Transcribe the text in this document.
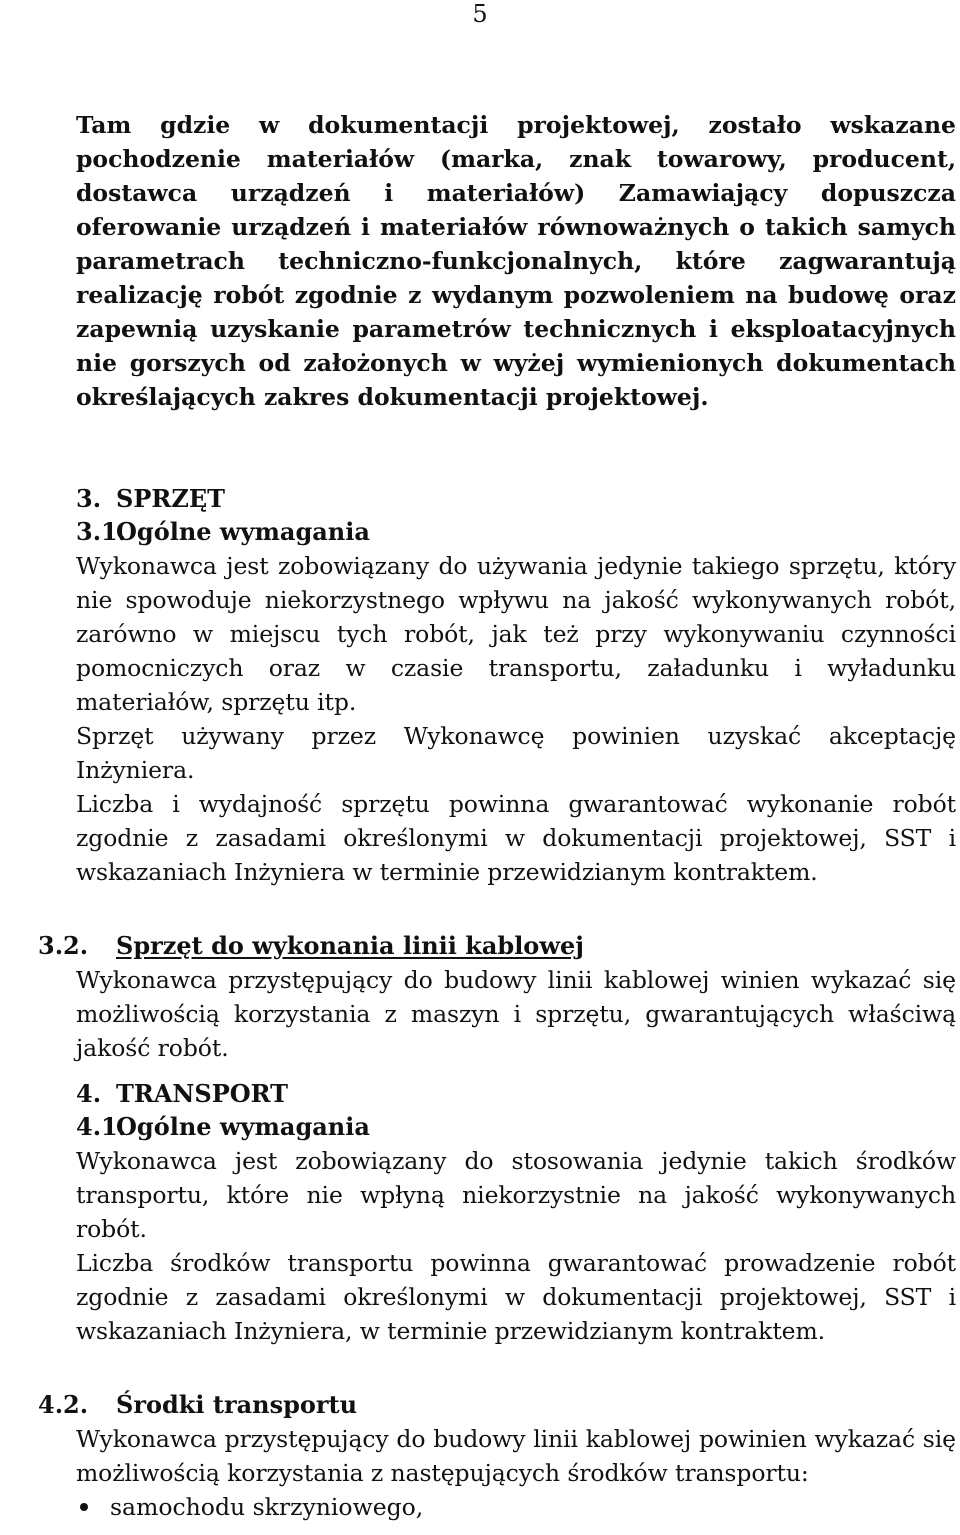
5

Tam gdzie w dokumentacji projektowej, zostało wskazane pochodzenie materiałów (marka, znak towarowy, producent, dostawca urządzeń i materiałów) Zamawiający dopuszcza oferowanie urządzeń i materiałów równoważnych o takich samych parametrach techniczno-funkcjonalnych, które zagwarantują realizację robót zgodnie z wydanym pozwoleniem na budowę oraz zapewnią uzyskanie parametrów technicznych i eksploatacyjnych nie gorszych od założonych w wyżej wymienionych dokumentach określających zakres dokumentacji projektowej.

3. SPRZĘT
3.1.Ogólne wymagania

Wykonawca jest zobowiązany do używania jedynie takiego sprzętu, który nie spowoduje niekorzystnego wpływu na jakość wykonywanych robót, zarówno w miejscu tych robót, jak też przy wykonywaniu czynności pomocniczych oraz w czasie transportu, załadunku i wyładunku materiałów, sprzętu itp.

Sprzęt używany przez Wykonawcę powinien uzyskać akceptację Inżyniera.

Liczba i wydajność sprzętu powinna gwarantować wykonanie robót zgodnie z zasadami określonymi w dokumentacji projektowej, SST i wskazaniach Inżyniera w terminie przewidzianym kontraktem.

3.2. Sprzęt do wykonania linii kablowej

Wykonawca przystępujący do budowy linii kablowej winien wykazać się możliwością korzystania z maszyn i sprzętu, gwarantujących właściwą jakość robót.

4. TRANSPORT
4.1.Ogólne wymagania

Wykonawca jest zobowiązany do stosowania jedynie takich środków transportu, które nie wpłyną niekorzystnie na jakość wykonywanych robót.

Liczba środków transportu powinna gwarantować prowadzenie robót zgodnie z zasadami określonymi w dokumentacji projektowej, SST i wskazaniach Inżyniera, w terminie przewidzianym kontraktem.

4.2. Środki transportu

Wykonawca przystępujący do budowy linii kablowej powinien wykazać się możliwością korzystania z następujących środków transportu:

samochodu skrzyniowego,
